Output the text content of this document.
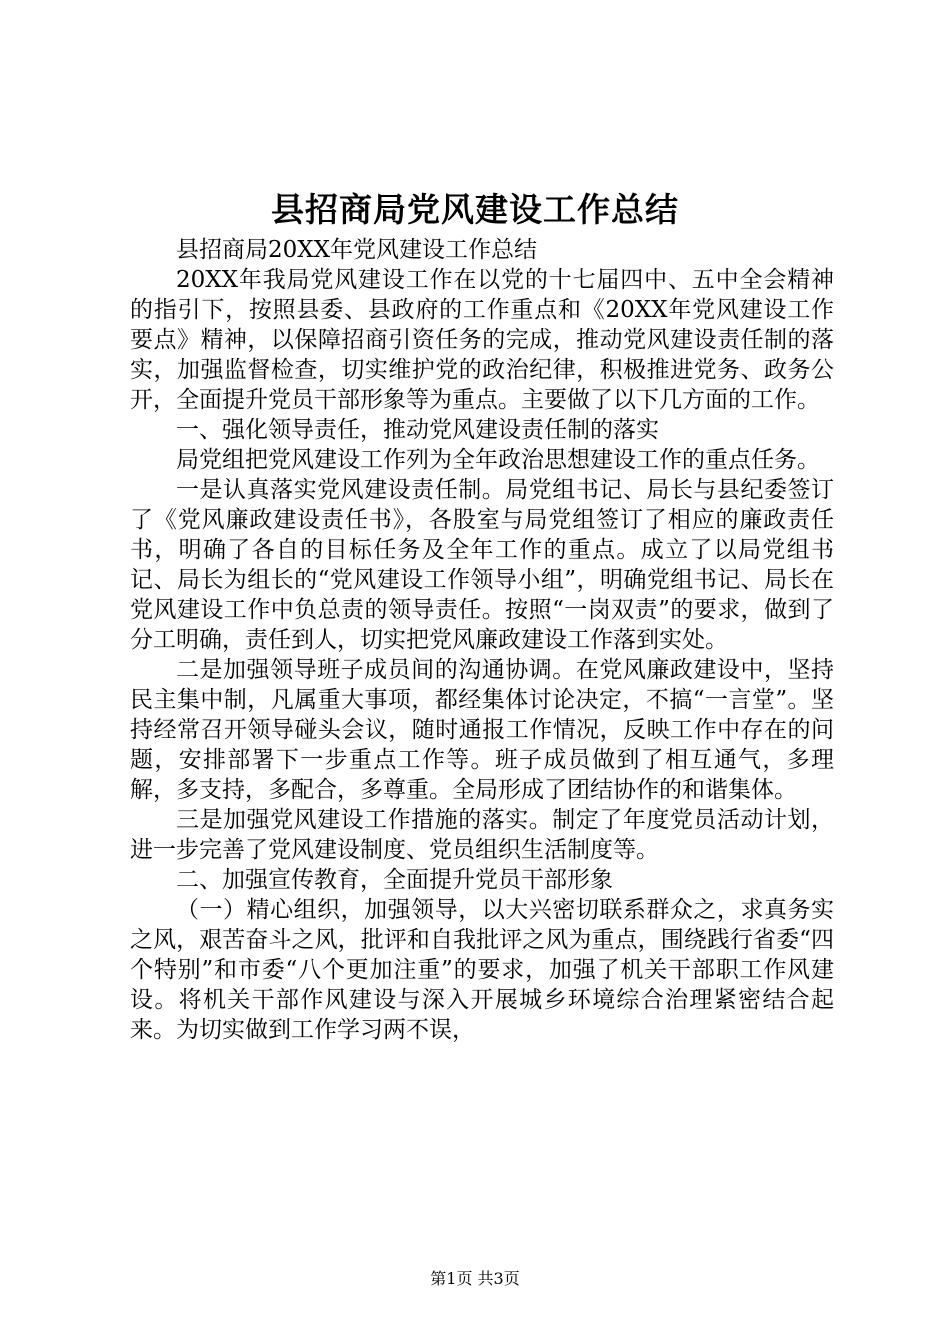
县招商局党风建设工作总结

县招商局20XX年党风建设工作总结

20XX年我局党风建设工作在以党的十七届四中、五中全会精神的指引下，按照县委、县政府的工作重点和《20XX年党风建设工作要点》精神，以保障招商引资任务的完成，推动党风建设责任制的落实，加强监督检查，切实维护党的政治纪律，积极推进党务、政务公开，全面提升党员干部形象等为重点。主要做了以下几方面的工作。

一、强化领导责任，推动党风建设责任制的落实

局党组把党风建设工作列为全年政治思想建设工作的重点任务。

一是认真落实党风建设责任制。局党组书记、局长与县纪委签订了《党风廉政建设责任书》，各股室与局党组签订了相应的廉政责任书，明确了各自的目标任务及全年工作的重点。成立了以局党组书记、局长为组长的“党风建设工作领导小组”，明确党组书记、局长在党风建设工作中负总责的领导责任。按照“一岗双责”的要求，做到了分工明确，责任到人，切实把党风廉政建设工作落到实处。

二是加强领导班子成员间的沟通协调。在党风廉政建设中，坚持民主集中制，凡属重大事项，都经集体讨论决定，不搞“一言堂”。坚持经常召开领导碰头会议，随时通报工作情况，反映工作中存在的问题，安排部署下一步重点工作等。班子成员做到了相互通气，多理解，多支持，多配合，多尊重。全局形成了团结协作的和谐集体。

三是加强党风建设工作措施的落实。制定了年度党员活动计划，进一步完善了党风建设制度、党员组织生活制度等。

二、加强宣传教育，全面提升党员干部形象

（一）精心组织，加强领导，以大兴密切联系群众之，求真务实之风，艰苦奋斗之风，批评和自我批评之风为重点，围绕践行省委“四个特别”和市委“八个更加注重”的要求，加强了机关干部职工作风建设。将机关干部作风建设与深入开展城乡环境综合治理紧密结合起来。为切实做到工作学习两不误，

第1页 共3页
